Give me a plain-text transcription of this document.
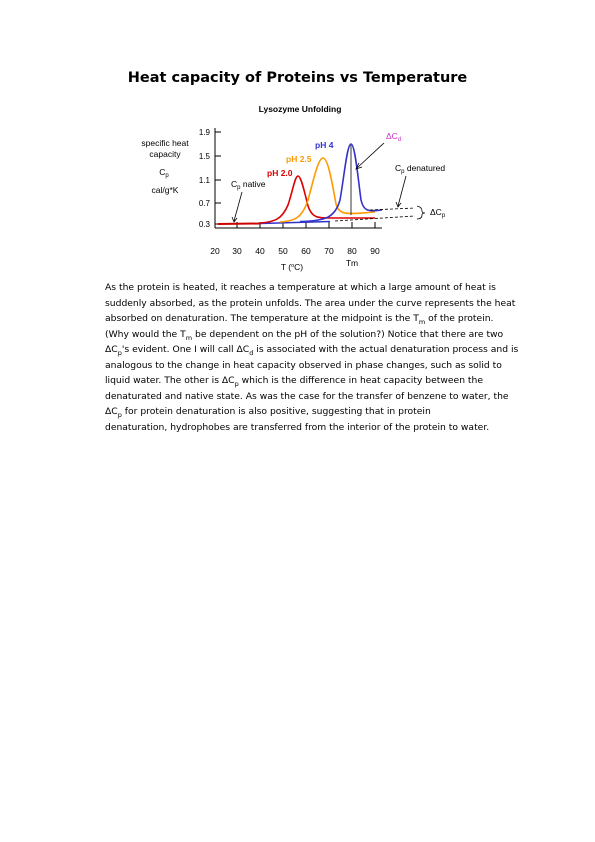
Heat capacity of Proteins vs Temperature
Lysozyme Unfolding
specific heat
capacity
$C_p$
cal/g*K
1.9
1.5
1.1
0.7
0.3
20 30 40 50 60 70 80 90
T ($^o$C)	Tm
$\Delta C_p$
pH 4
pH 2.5
pH 2.0
$C_p$ native
$C_p$ denatured
$\Delta C_d$
As the protein is heated, it reaches a temperature at which a large amount of heat is
suddenly absorbed, as the protein unfolds. The area under the curve represents the heat
absorbed on denaturation. The temperature at the midpoint is the $T_m$ of the protein.
(Why would the $T_m$ be dependent on the pH of the solution?) Notice that there are two
$\Delta C_p's$ evident. One I will call $\Delta C_d$ is associated with the actual denaturation process and is
analogous to the change in heat capacity observed in phase changes, such as solid to
liquid water. The other is $\Delta C_p$ which is the difference in heat capacity between the
denaturated and native state. As was the case for the transfer of benzene to water, the
$\Delta C_p$ for protein denaturation is also positive, suggesting that in protein
denaturation, hydrophobes are transferred from the interior of the protein to water.
